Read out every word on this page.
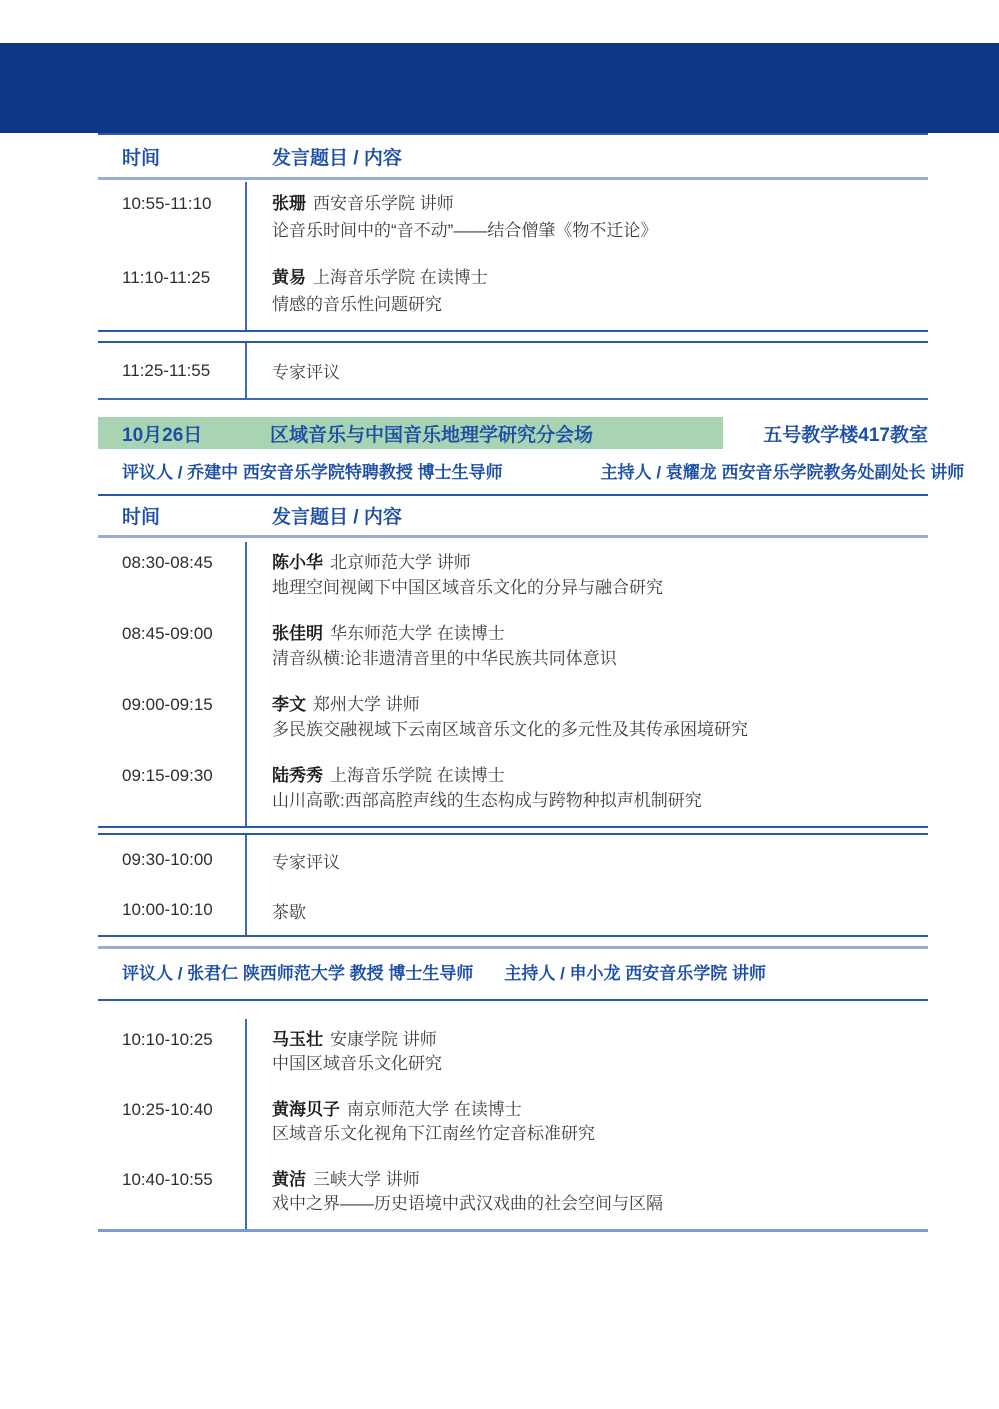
时间	发言题目 / 内容
10:55-11:10	张珊 西安音乐学院 讲师
论音乐时间中的“音不动”——结合僧肇《物不迁论》
11:10-11:25	黄易 上海音乐学院 在读博士
情感的音乐性问题研究
11:25-11:55	专家评议
10月26日	区域音乐与中国音乐地理学研究分会场	五号教学楼417教室
评议人 / 乔建中 西安音乐学院特聘教授 博士生导师	主持人 / 袁耀龙 西安音乐学院教务处副处长 讲师
时间	发言题目 / 内容
08:30-08:45	陈小华 北京师范大学 讲师
地理空间视阈下中国区域音乐文化的分异与融合研究
08:45-09:00	张佳明 华东师范大学 在读博士
清音纵横:论非遗清音里的中华民族共同体意识
09:00-09:15	李文 郑州大学 讲师
多民族交融视域下云南区域音乐文化的多元性及其传承困境研究
09:15-09:30	陆秀秀 上海音乐学院 在读博士
山川高歌:西部高腔声线的生态构成与跨物种拟声机制研究
09:30-10:00	专家评议
10:00-10:10	茶歇
评议人 / 张君仁 陕西师范大学 教授 博士生导师 主持人 / 申小龙 西安音乐学院 讲师
10:10-10:25	马玉壮 安康学院 讲师
中国区域音乐文化研究
10:25-10:40	黄海贝子 南京师范大学 在读博士
区域音乐文化视角下江南丝竹定音标准研究
10:40-10:55	黄洁 三峡大学 讲师
戏中之界——历史语境中武汉戏曲的社会空间与区隔
